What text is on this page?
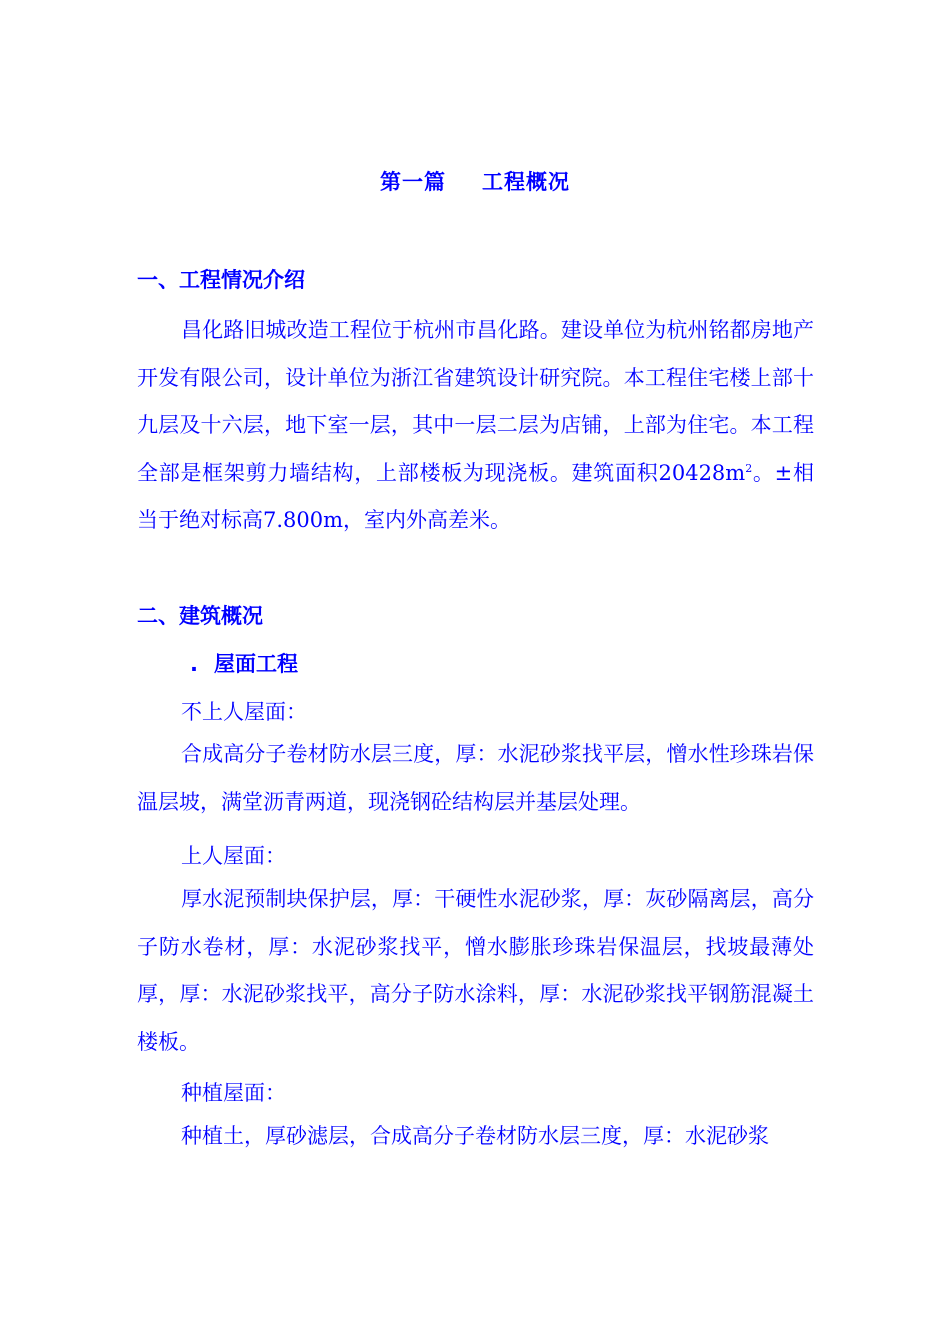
第一篇 工程概况
一、工程情况介绍

昌化路旧城改造工程位于杭州市昌化路。建设单位为杭州铭都房地产开发有限公司，设计单位为浙江省建筑设计研究院。本工程住宅楼上部十九层及十六层，地下室一层，其中一层二层为店铺，上部为住宅。本工程全部是框架剪力墙结构，上部楼板为现浇板。建筑面积$20428m^2$。±相当于绝对标高7.800m，室内外高差米。

二、建筑概况
. 屋面工程
不上人屋面：

合成高分子卷材防水层三度，厚：水泥砂浆找平层，憎水性珍珠岩保温层坡，满堂沥青两道，现浇钢砼结构层并基层处理。

上人屋面：

厚水泥预制块保护层，厚：干硬性水泥砂浆，厚：灰砂隔离层，高分子防水卷材，厚：水泥砂浆找平，憎水膨胀珍珠岩保温层，找坡最薄处厚，厚：水泥砂浆找平，高分子防水涂料，厚：水泥砂浆找平钢筋混凝土楼板。

种植屋面：

种植土，厚砂滤层，合成高分子卷材防水层三度，厚：水泥砂浆
